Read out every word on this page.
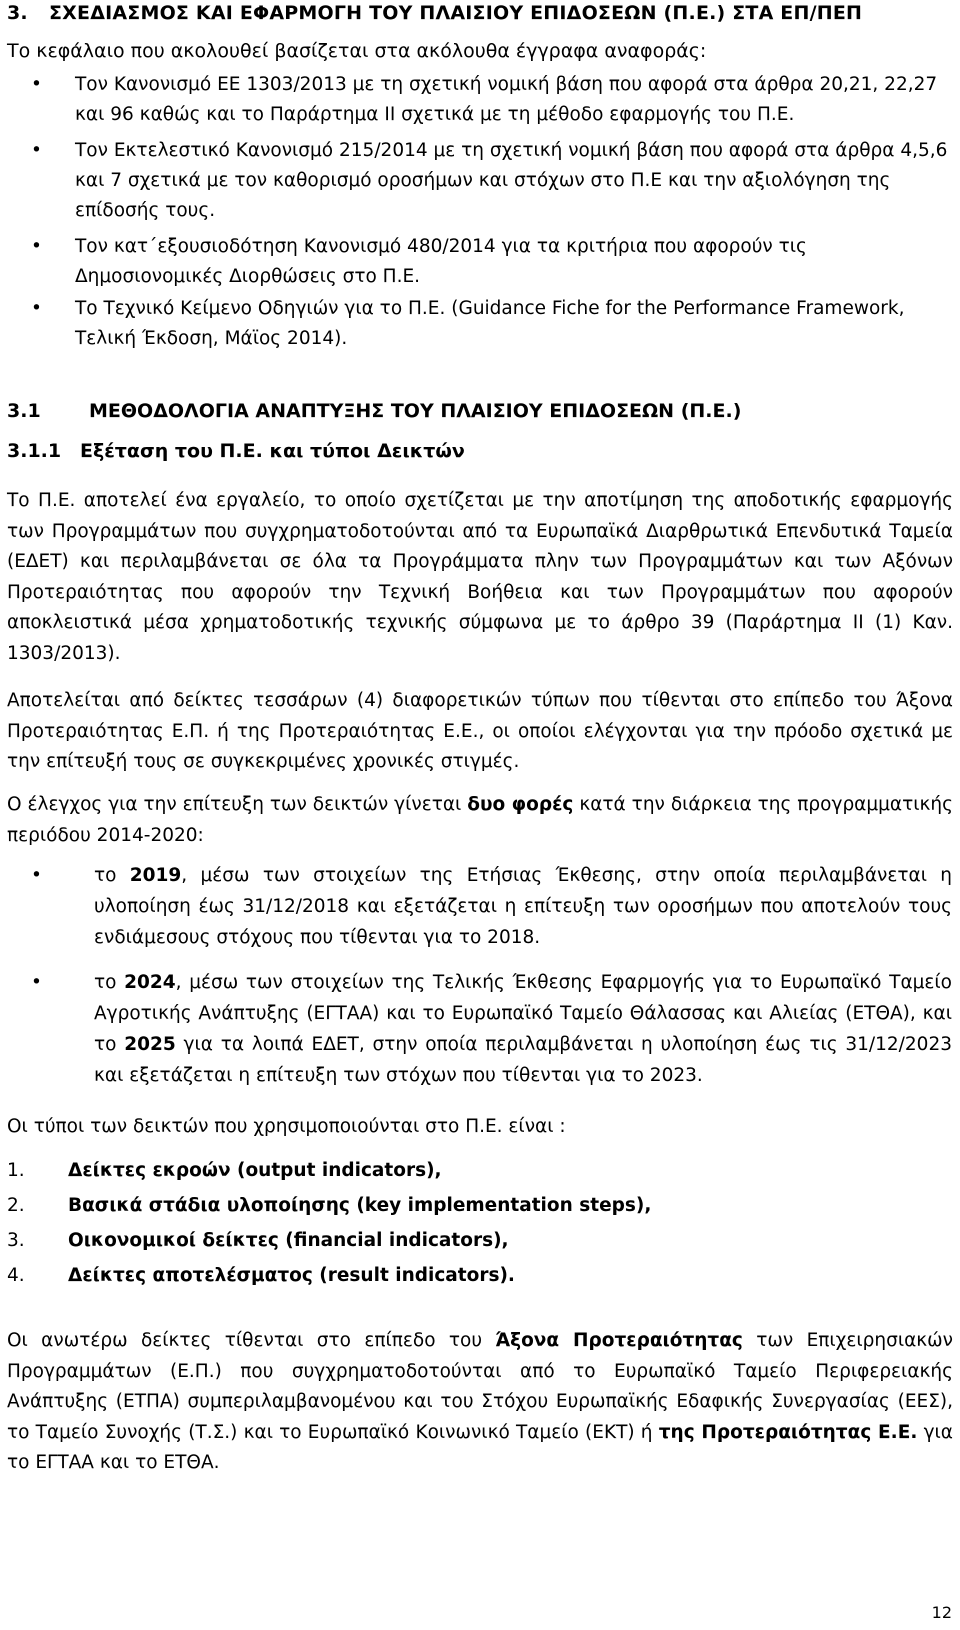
3. ΣΧΕΔΙΑΣΜΟΣ ΚΑΙ ΕΦΑΡΜΟΓΗ ΤΟΥ ΠΛΑΙΣΙΟΥ ΕΠΙΔΟΣΕΩΝ (Π.Ε.) ΣΤΑ ΕΠ/ΠΕΠ
Το κεφάλαιο που ακολουθεί βασίζεται στα ακόλουθα έγγραφα αναφοράς:
• Τον Κανονισμό ΕΕ 1303/2013 με τη σχετική νομική βάση που αφορά στα άρθρα 20,21, 22,27 και 96 καθώς και το Παράρτημα ΙΙ σχετικά με τη μέθοδο εφαρμογής του Π.Ε.
• Τον Εκτελεστικό Κανονισμό 215/2014 με τη σχετική νομική βάση που αφορά στα άρθρα 4,5,6 και 7 σχετικά με τον καθορισμό οροσήμων και στόχων στο Π.Ε και την αξιολόγηση της επίδοσής τους.
• Τον κατ΄εξουσιοδότηση Κανονισμό 480/2014 για τα κριτήρια που αφορούν τις Δημοσιονομικές Διορθώσεις στο Π.Ε.
• Το Τεχνικό Κείμενο Οδηγιών για το Π.Ε. (Guidance Fiche for the Performance Framework, Τελική Έκδοση, Μάϊος 2014).
3.1	ΜΕΘΟΔΟΛΟΓΙΑ ΑΝΑΠΤΥΞΗΣ ΤΟΥ ΠΛΑΙΣΙΟΥ ΕΠΙΔΟΣΕΩΝ (Π.Ε.)
3.1.1 Εξέταση του Π.Ε. και τύποι Δεικτών
Το Π.Ε. αποτελεί ένα εργαλείο, το οποίο σχετίζεται με την αποτίμηση της αποδοτικής εφαρμογής των Προγραμμάτων που συγχρηματοδοτούνται από τα Ευρωπαϊκά Διαρθρωτικά Επενδυτικά Ταμεία (ΕΔΕΤ) και περιλαμβάνεται σε όλα τα Προγράμματα πλην των Προγραμμάτων και των Αξόνων Προτεραιότητας που αφορούν την Τεχνική Βοήθεια και των Προγραμμάτων που αφορούν αποκλειστικά μέσα χρηματοδοτικής τεχνικής σύμφωνα με το άρθρο 39 (Παράρτημα ΙΙ (1) Καν. 1303/2013).
Αποτελείται από δείκτες τεσσάρων (4) διαφορετικών τύπων που τίθενται στο επίπεδο του Άξονα Προτεραιότητας Ε.Π. ή της Προτεραιότητας Ε.Ε., οι οποίοι ελέγχονται για την πρόοδο σχετικά με την επίτευξή τους σε συγκεκριμένες χρονικές στιγμές.
Ο έλεγχος για την επίτευξη των δεικτών γίνεται δυο φορές κατά την διάρκεια της προγραμματικής περιόδου 2014-2020:
•	το 2019, μέσω των στοιχείων της Ετήσιας Έκθεσης, στην οποία περιλαμβάνεται η υλοποίηση έως 31/12/2018 και εξετάζεται η επίτευξη των οροσήμων που αποτελούν τους ενδιάμεσους στόχους που τίθενται για το 2018.
•	το 2024, μέσω των στοιχείων της Τελικής Έκθεσης Εφαρμογής για το Ευρωπαϊκό Ταμείο Αγροτικής Ανάπτυξης (ΕΓΤΑΑ) και το Ευρωπαϊκό Ταμείο Θάλασσας και Αλιείας (ΕΤΘΑ), και το 2025 για τα λοιπά ΕΔΕΤ, στην οποία περιλαμβάνεται η υλοποίηση έως τις 31/12/2023 και εξετάζεται η επίτευξη των στόχων που τίθενται για το 2023.
Οι τύποι των δεικτών που χρησιμοποιούνται στο Π.Ε. είναι :
1. Δείκτες εκροών (output indicators),
2. Βασικά στάδια υλοποίησης (key implementation steps),
3. Οικονομικοί δείκτες (financial indicators),
4. Δείκτες αποτελέσματος (result indicators).
Οι ανωτέρω δείκτες τίθενται στο επίπεδο του Άξονα Προτεραιότητας των Επιχειρησιακών Προγραμμάτων (Ε.Π.) που συγχρηματοδοτούνται από το Ευρωπαϊκό Ταμείο Περιφερειακής Ανάπτυξης (ΕΤΠΑ) συμπεριλαμβανομένου και του Στόχου Ευρωπαϊκής Εδαφικής Συνεργασίας (ΕΕΣ), το Ταμείο Συνοχής (Τ.Σ.) και το Ευρωπαϊκό Κοινωνικό Ταμείο (ΕΚΤ) ή της Προτεραιότητας Ε.Ε. για το ΕΓΤΑΑ και το ΕΤΘΑ.
12
